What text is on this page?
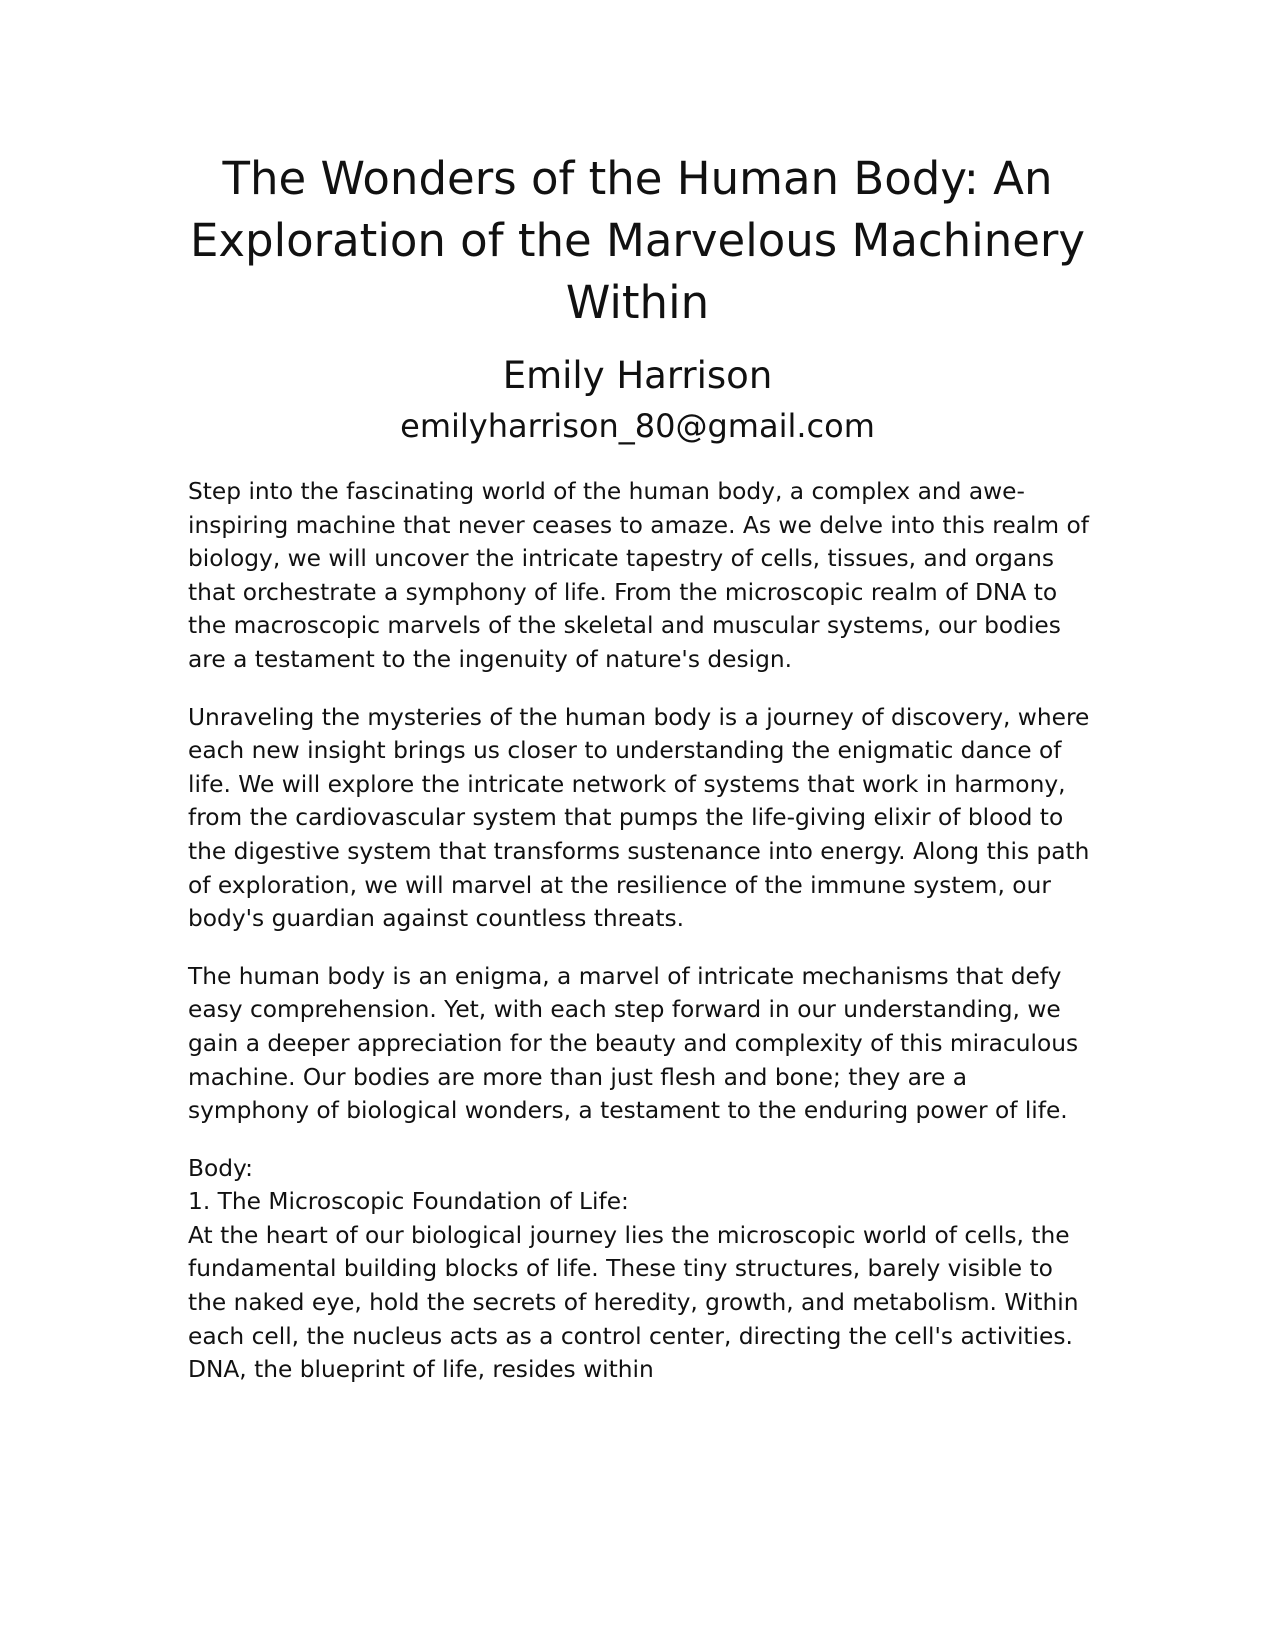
The Wonders of the Human Body: An Exploration of the Marvelous Machinery Within
Emily Harrison
emilyharrison_80@gmail.com

Step into the fascinating world of the human body, a complex and awe-inspiring machine that never ceases to amaze. As we delve into this realm of biology, we will uncover the intricate tapestry of cells, tissues, and organs that orchestrate a symphony of life. From the microscopic realm of DNA to the macroscopic marvels of the skeletal and muscular systems, our bodies are a testament to the ingenuity of nature's design.

Unraveling the mysteries of the human body is a journey of discovery, where each new insight brings us closer to understanding the enigmatic dance of life. We will explore the intricate network of systems that work in harmony, from the cardiovascular system that pumps the life-giving elixir of blood to the digestive system that transforms sustenance into energy. Along this path of exploration, we will marvel at the resilience of the immune system, our body's guardian against countless threats.

The human body is an enigma, a marvel of intricate mechanisms that defy easy comprehension. Yet, with each step forward in our understanding, we gain a deeper appreciation for the beauty and complexity of this miraculous machine. Our bodies are more than just flesh and bone; they are a symphony of biological wonders, a testament to the enduring power of life.

Body:
1. The Microscopic Foundation of Life:
At the heart of our biological journey lies the microscopic world of cells, the fundamental building blocks of life. These tiny structures, barely visible to the naked eye, hold the secrets of heredity, growth, and metabolism. Within each cell, the nucleus acts as a control center, directing the cell's activities. DNA, the blueprint of life, resides within
